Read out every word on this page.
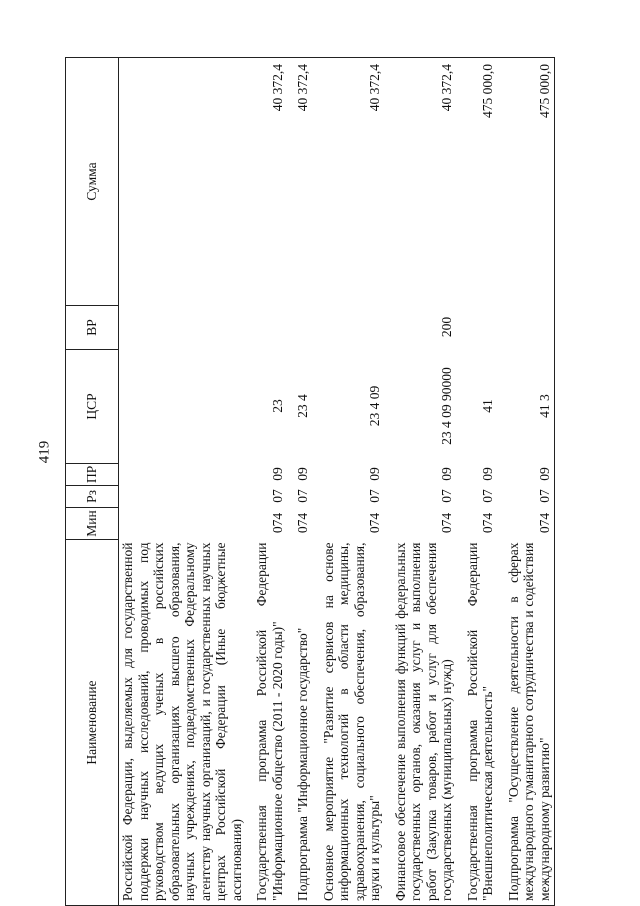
419
Наименование	Мин	Рз	ПР	ЦСР	ВР	Сумма
Российской Федерации, выделяемых для государственной поддержки научных исследований, проводимых под руководством ведущих ученых в российских образовательных организациях высшего образования, научных учреждениях, подведомственных Федеральному агентству научных организаций, и государственных научных центрах Российской Федерации (Иные бюджетные ассигнования)						
Государственная программа Российской Федерации "Информационное общество (2011 - 2020 годы)"	074	07	09	23		40 372,4
Подпрограмма "Информационное государство"	074	07	09	23 4		40 372,4
Основное мероприятие "Развитие сервисов на основе информационных технологий в области медицины, здравоохранения, социального обеспечения, образования, науки и культуры"	074	07	09	23 4 09		40 372,4
Финансовое обеспечение выполнения функций федеральных государственных органов, оказания услуг и выполнения работ (Закупка товаров, работ и услуг для обеспечения государственных (муниципальных) нужд)	074	07	09	23 4 09 90000	200	40 372,4
Государственная программа Российской Федерации "Внешнеполитическая деятельность"	074	07	09	41		475 000,0
Подпрограмма "Осуществление деятельности в сферах международного гуманитарного сотрудничества и содействия международному развитию"	074	07	09	41 3		475 000,0
